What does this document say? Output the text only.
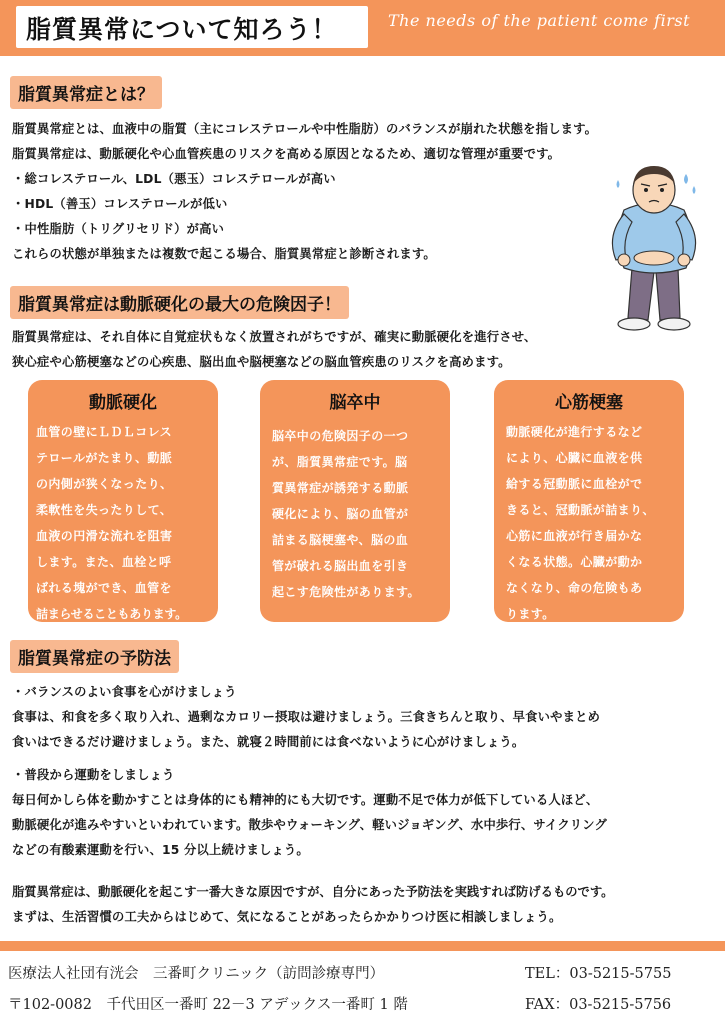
脂質異常について知ろう！	The needs of the patient come first
脂質異常症とは？
脂質異常症とは、血液中の脂質（主にコレステロールや中性脂肪）のバランスが崩れた状態を指します。
脂質異常症は、動脈硬化や心血管疾患のリスクを高める原因となるため、適切な管理が重要です。
・総コレステロール、LDL（悪玉）コレステロールが高い
・HDL（善玉）コレステロールが低い
・中性脂肪（トリグリセリド）が高い
これらの状態が単独または複数で起こる場合、脂質異常症と診断されます。
脂質異常症は動脈硬化の最大の危険因子！
脂質異常症は、それ自体に自覚症状もなく放置されがちですが、確実に動脈硬化を進行させ、
狭心症や心筋梗塞などの心疾患、脳出血や脳梗塞などの脳血管疾患のリスクを高めます。
動脈硬化
血管の壁にＬＤＬコレス
テロールがたまり、動脈
の内側が狭くなったり、
柔軟性を失ったりして、
血液の円滑な流れを阻害
します。また、血栓と呼
ばれる塊ができ、血管を
詰まらせることもあります。
脳卒中
脳卒中の危険因子の一つ
が、脂質異常症です。脳
質異常症が誘発する動脈
硬化により、脳の血管が
詰まる脳梗塞や、脳の血
管が破れる脳出血を引き
起こす危険性があります。
心筋梗塞
動脈硬化が進行するなど
により、心臓に血液を供
給する冠動脈に血栓がで
きると、冠動脈が詰まり、
心筋に血液が行き届かな
くなる状態。心臓が動か
なくなり、命の危険もあ
ります。
脂質異常症の予防法
・バランスのよい食事を心がけましょう
食事は、和食を多く取り入れ、過剰なカロリー摂取は避けましょう。三食きちんと取り、早食いやまとめ
食いはできるだけ避けましょう。また、就寝２時間前には食べないように心がけましょう。
・普段から運動をしましょう
毎日何かしら体を動かすことは身体的にも精神的にも大切です。運動不足で体力が低下している人ほど、
動脈硬化が進みやすいといわれています。散歩やウォーキング、軽いジョギング、水中歩行、サイクリング
などの有酸素運動を行い、15 分以上続けましょう。
脂質異常症は、動脈硬化を起こす一番大きな原因ですが、自分にあった予防法を実践すれば防げるものです。
まずは、生活習慣の工夫からはじめて、気になることがあったらかかりつけ医に相談しましょう。
医療法人社団有洸会　三番町クリニック（訪問診療専門）	TEL：03-5215-5755
〒102-0082　千代田区一番町 22－3 アデックス一番町 1 階	FAX：03-5215-5756
